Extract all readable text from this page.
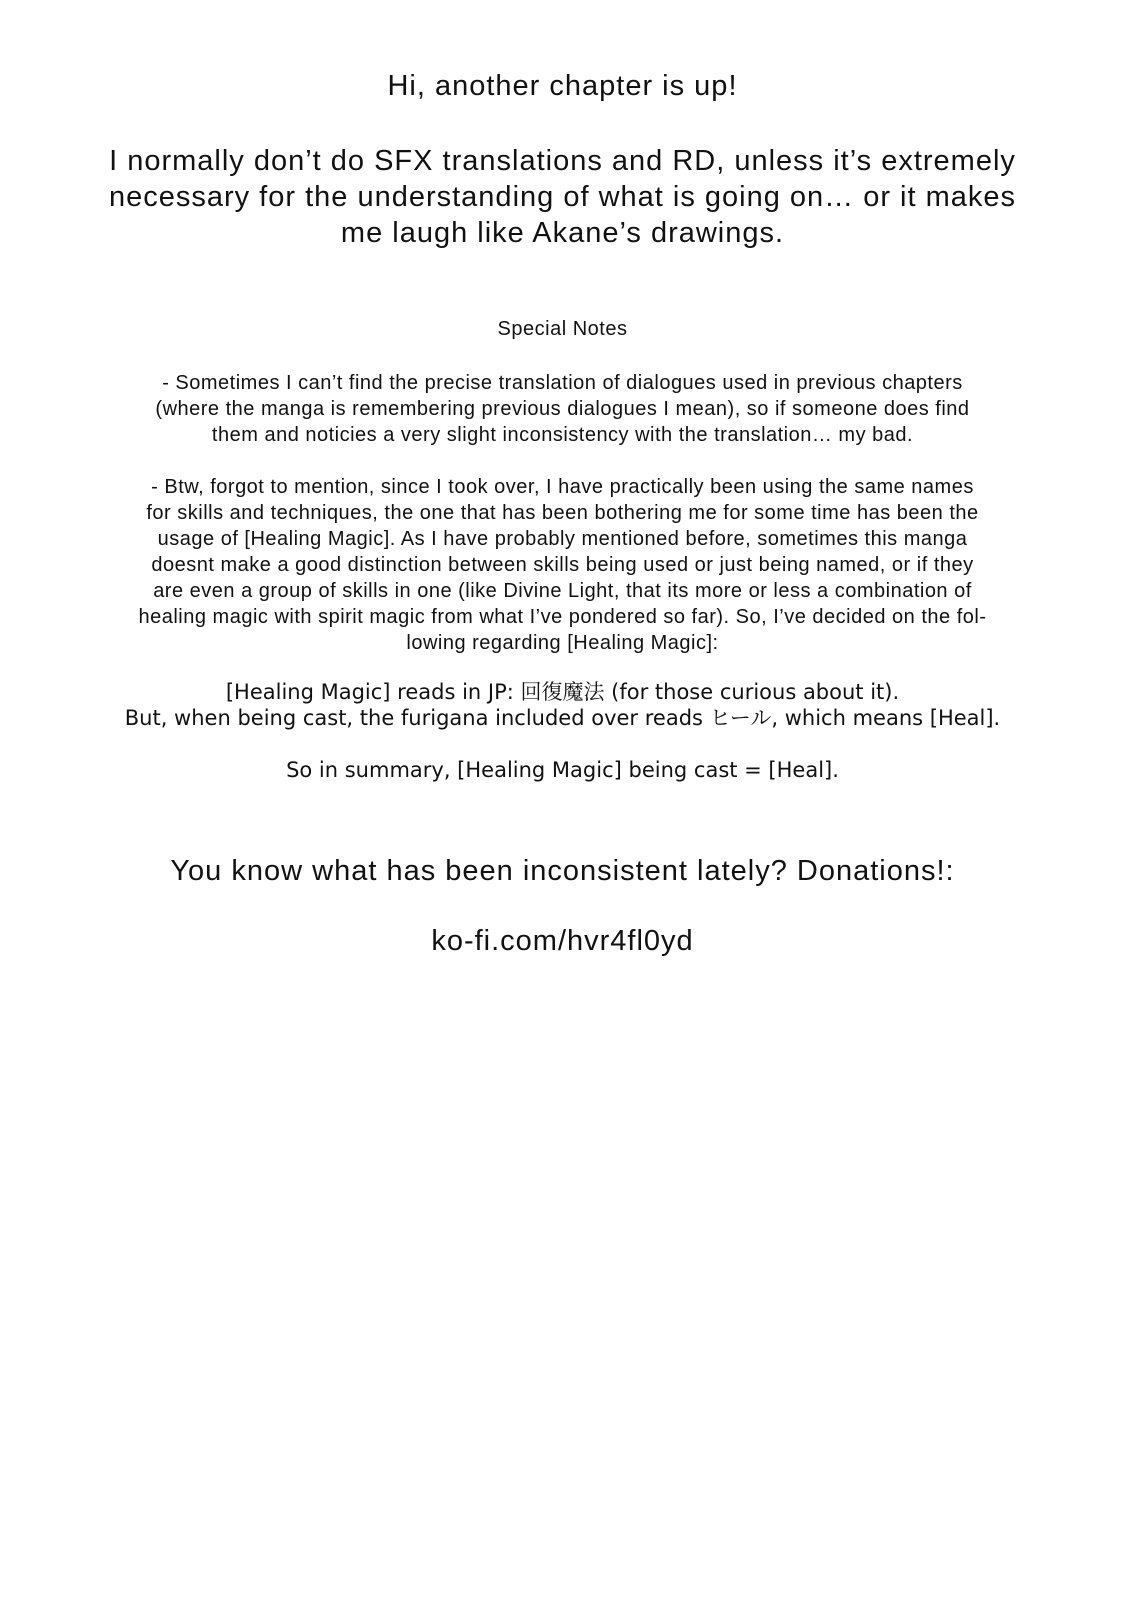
Hi, another chapter is up!
I normally don’t do SFX translations and RD, unless it’s extremely
necessary for the understanding of what is going on… or it makes
me laugh like Akane’s drawings.
Special Notes
- Sometimes I can’t find the precise translation of dialogues used in previous chapters
(where the manga is remembering previous dialogues I mean), so if someone does find
them and noticies a very slight inconsistency with the translation… my bad.
- Btw, forgot to mention, since I took over, I have practically been using the same names
for skills and techniques, the one that has been bothering me for some time has been the
usage of [Healing Magic]. As I have probably mentioned before, sometimes this manga
doesnt make a good distinction between skills being used or just being named, or if they
are even a group of skills in one (like Divine Light, that its more or less a combination of
healing magic with spirit magic from what I’ve pondered so far). So, I’ve decided on the fol-
lowing regarding [Healing Magic]:
[Healing Magic] reads in JP: 回復魔法 (for those curious about it).
But, when being cast, the furigana included over reads ヒール, which means [Heal].
So in summary, [Healing Magic] being cast = [Heal].
You know what has been inconsistent lately? Donations!:
ko-fi.com/hvr4fl0yd
